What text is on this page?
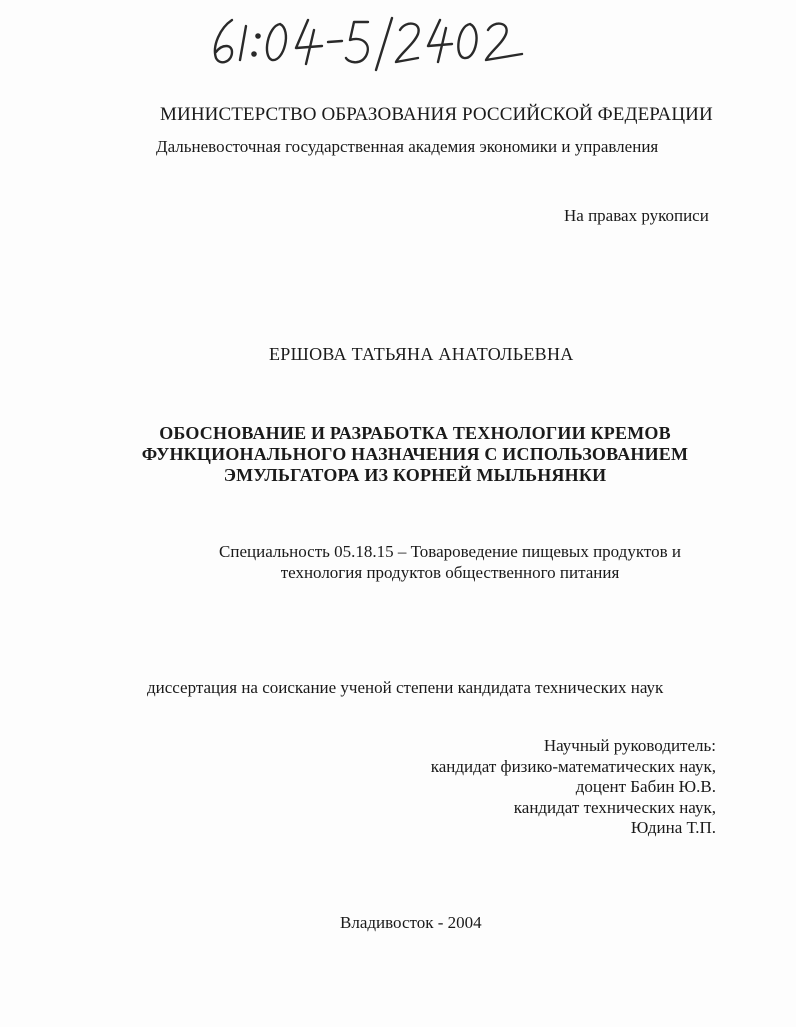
МИНИСТЕРСТВО ОБРАЗОВАНИЯ РОССИЙСКОЙ ФЕДЕРАЦИИ
Дальневосточная государственная академия экономики и управления
На правах рукописи
ЕРШОВА ТАТЬЯНА АНАТОЛЬЕВНА
ОБОСНОВАНИЕ И РАЗРАБОТКА ТЕХНОЛОГИИ КРЕМОВ
ФУНКЦИОНАЛЬНОГО НАЗНАЧЕНИЯ С ИСПОЛЬЗОВАНИЕМ
ЭМУЛЬГАТОРА ИЗ КОРНЕЙ МЫЛЬНЯНКИ
Специальность 05.18.15 – Товароведение пищевых продуктов и
технология продуктов общественного питания
диссертация на соискание ученой степени кандидата технических наук
Научный руководитель:
кандидат физико-математических наук,
доцент Бабин Ю.В.
кандидат технических наук,
Юдина Т.П.
Владивосток - 2004
